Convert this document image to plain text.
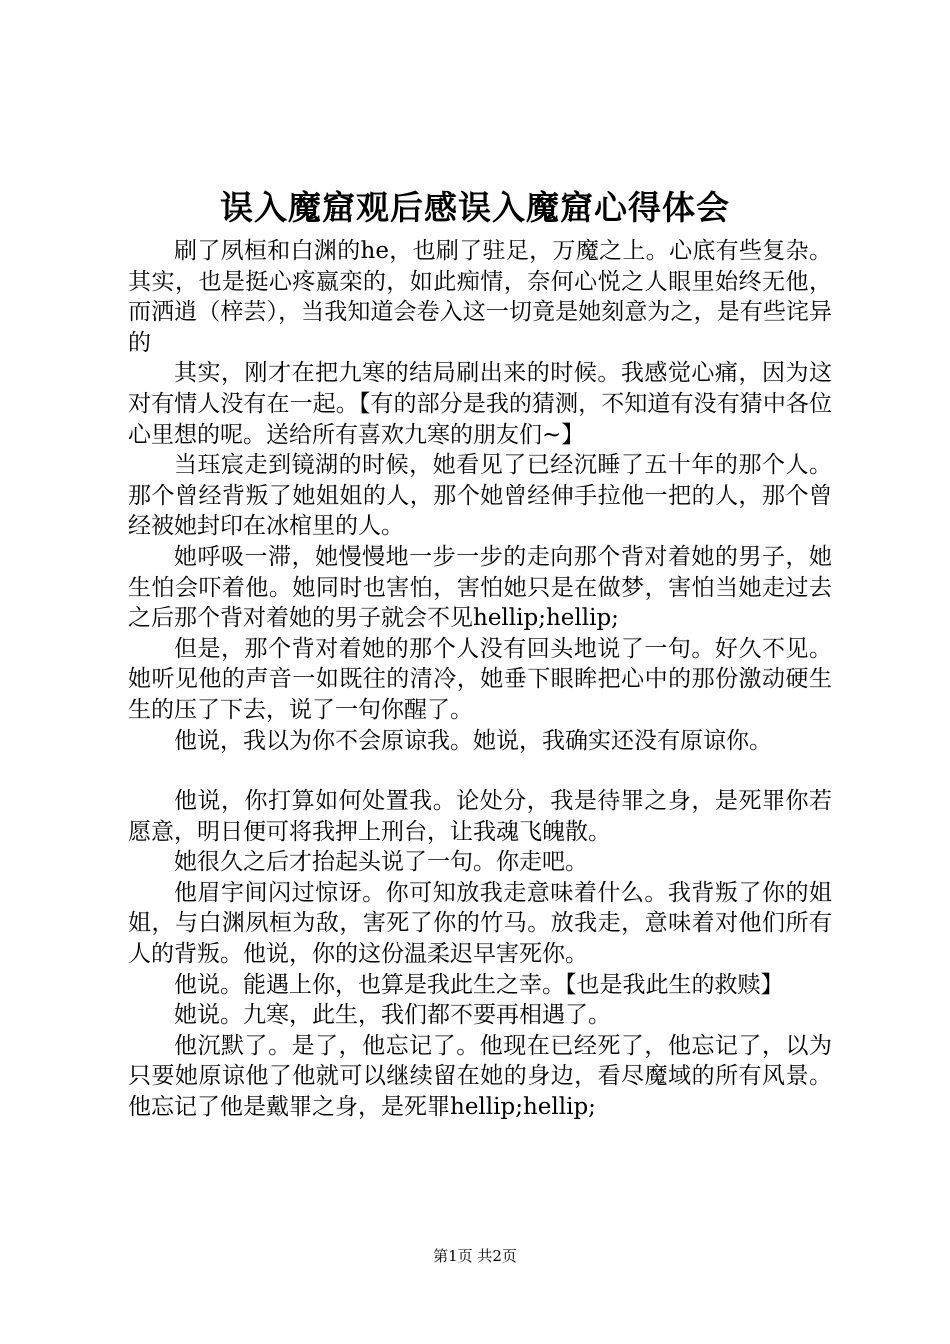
误入魔窟观后感误入魔窟心得体会

刷了夙桓和白渊的he，也刷了驻足，万魔之上。心底有些复杂。其实，也是挺心疼嬴栾的，如此痴情，奈何心悦之人眼里始终无他，而洒逍（梓芸），当我知道会卷入这一切竟是她刻意为之，是有些诧异的

其实，刚才在把九寒的结局刷出来的时候。我感觉心痛，因为这对有情人没有在一起。【有的部分是我的猜测，不知道有没有猜中各位心里想的呢。送给所有喜欢九寒的朋友们~】

当珏宸走到镜湖的时候，她看见了已经沉睡了五十年的那个人。那个曾经背叛了她姐姐的人，那个她曾经伸手拉他一把的人，那个曾经被她封印在冰棺里的人。

她呼吸一滞，她慢慢地一步一步的走向那个背对着她的男子，她生怕会吓着他。她同时也害怕，害怕她只是在做梦，害怕当她走过去之后那个背对着她的男子就会不见hellip;hellip;

但是，那个背对着她的那个人没有回头地说了一句。好久不见。她听见他的声音一如既往的清冷，她垂下眼眸把心中的那份激动硬生生的压了下去，说了一句你醒了。

他说，我以为你不会原谅我。她说，我确实还没有原谅你。

他说，你打算如何处置我。论处分，我是待罪之身，是死罪你若愿意，明日便可将我押上刑台，让我魂飞魄散。

她很久之后才抬起头说了一句。你走吧。

他眉宇间闪过惊讶。你可知放我走意味着什么。我背叛了你的姐姐，与白渊夙桓为敌，害死了你的竹马。放我走，意味着对他们所有人的背叛。他说，你的这份温柔迟早害死你。

他说。能遇上你，也算是我此生之幸。【也是我此生的救赎】

她说。九寒，此生，我们都不要再相遇了。

他沉默了。是了，他忘记了。他现在已经死了，他忘记了，以为只要她原谅他了他就可以继续留在她的身边，看尽魔域的所有风景。他忘记了他是戴罪之身，是死罪hellip;hellip;

第1页 共2页
